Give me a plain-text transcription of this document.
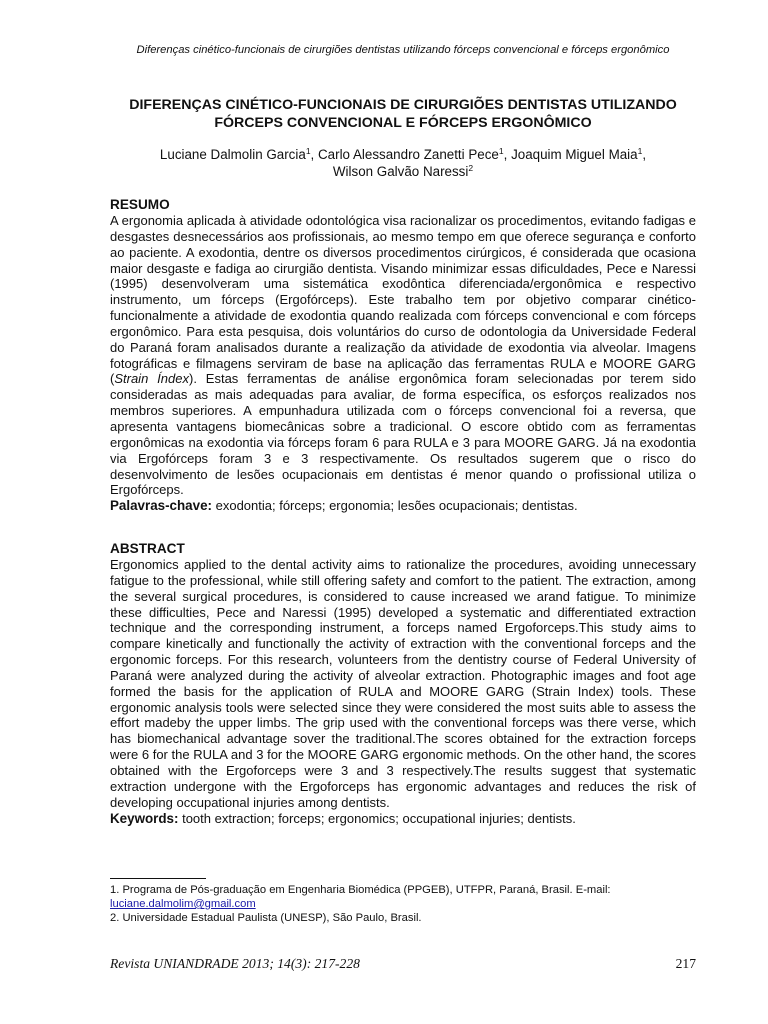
Diferenças cinético-funcionais de cirurgiões dentistas utilizando fórceps convencional e fórceps ergonômico
DIFERENÇAS CINÉTICO-FUNCIONAIS DE CIRURGIÕES DENTISTAS UTILIZANDO FÓRCEPS CONVENCIONAL E FÓRCEPS ERGONÔMICO
Luciane Dalmolin Garcia$^1$, Carlo Alessandro Zanetti Pece$^1$, Joaquim Miguel Maia$^1$,
Wilson Galvão Naressi$^2$

RESUMO

A ergonomia aplicada à atividade odontológica visa racionalizar os procedimentos, evitando fadigas e desgastes desnecessários aos profissionais, ao mesmo tempo em que oferece segurança e conforto ao paciente. A exodontia, dentre os diversos procedimentos cirúrgicos, é considerada que ocasiona maior desgaste e fadiga ao cirurgião dentista. Visando minimizar essas dificuldades, Pece e Naressi (1995) desenvolveram uma sistemática exodôntica diferenciada/ergonômica e respectivo instrumento, um fórceps (Ergofórceps). Este trabalho tem por objetivo comparar cinético-funcionalmente a atividade de exodontia quando realizada com fórceps convencional e com fórceps ergonômico. Para esta pesquisa, dois voluntários do curso de odontologia da Universidade Federal do Paraná foram analisados durante a realização da atividade de exodontia via alveolar. Imagens fotográficas e filmagens serviram de base na aplicação das ferramentas RULA e MOORE GARG (Strain Índex). Estas ferramentas de análise ergonômica foram selecionadas por terem sido consideradas as mais adequadas para avaliar, de forma específica, os esforços realizados nos membros superiores. A empunhadura utilizada com o fórceps convencional foi a reversa, que apresenta vantagens biomecânicas sobre a tradicional. O escore obtido com as ferramentas ergonômicas na exodontia via fórceps foram 6 para RULA e 3 para MOORE GARG. Já na exodontia via Ergofórceps foram 3 e 3 respectivamente. Os resultados sugerem que o risco do desenvolvimento de lesões ocupacionais em dentistas é menor quando o profissional utiliza o Ergofórceps.

Palavras-chave: exodontia; fórceps; ergonomia; lesões ocupacionais; dentistas.

ABSTRACT

Ergonomics applied to the dental activity aims to rationalize the procedures, avoiding unnecessary fatigue to the professional, while still offering safety and comfort to the patient. The extraction, among the several surgical procedures, is considered to cause increased we arand fatigue. To minimize these difficulties, Pece and Naressi (1995) developed a systematic and differentiated extraction technique and the corresponding instrument, a forceps named Ergoforceps.This study aims to compare kinetically and functionally the activity of extraction with the conventional forceps and the ergonomic forceps. For this research, volunteers from the dentistry course of Federal University of Paraná were analyzed during the activity of alveolar extraction. Photographic images and foot age formed the basis for the application of RULA and MOORE GARG (Strain Index) tools. These ergonomic analysis tools were selected since they were considered the most suits able to assess the effort madeby the upper limbs. The grip used with the conventional forceps was there verse, which has biomechanical advantage sover the traditional.The scores obtained for the extraction forceps were 6 for the RULA and 3 for the MOORE GARG ergonomic methods. On the other hand, the scores obtained with the Ergoforceps were 3 and 3 respectively.The results suggest that systematic extraction undergone with the Ergoforceps has ergonomic advantages and reduces the risk of developing occupational injuries among dentists.

Keywords: tooth extraction; forceps; ergonomics; occupational injuries; dentists.

1. Programa de Pós-graduação em Engenharia Biomédica (PPGEB), UTFPR, Paraná, Brasil. E-mail:
luciane.dalmolim@gmail.com

2. Universidade Estadual Paulista (UNESP), São Paulo, Brasil.

Revista UNIANDRADE 2013; 14(3): 217-228	217
